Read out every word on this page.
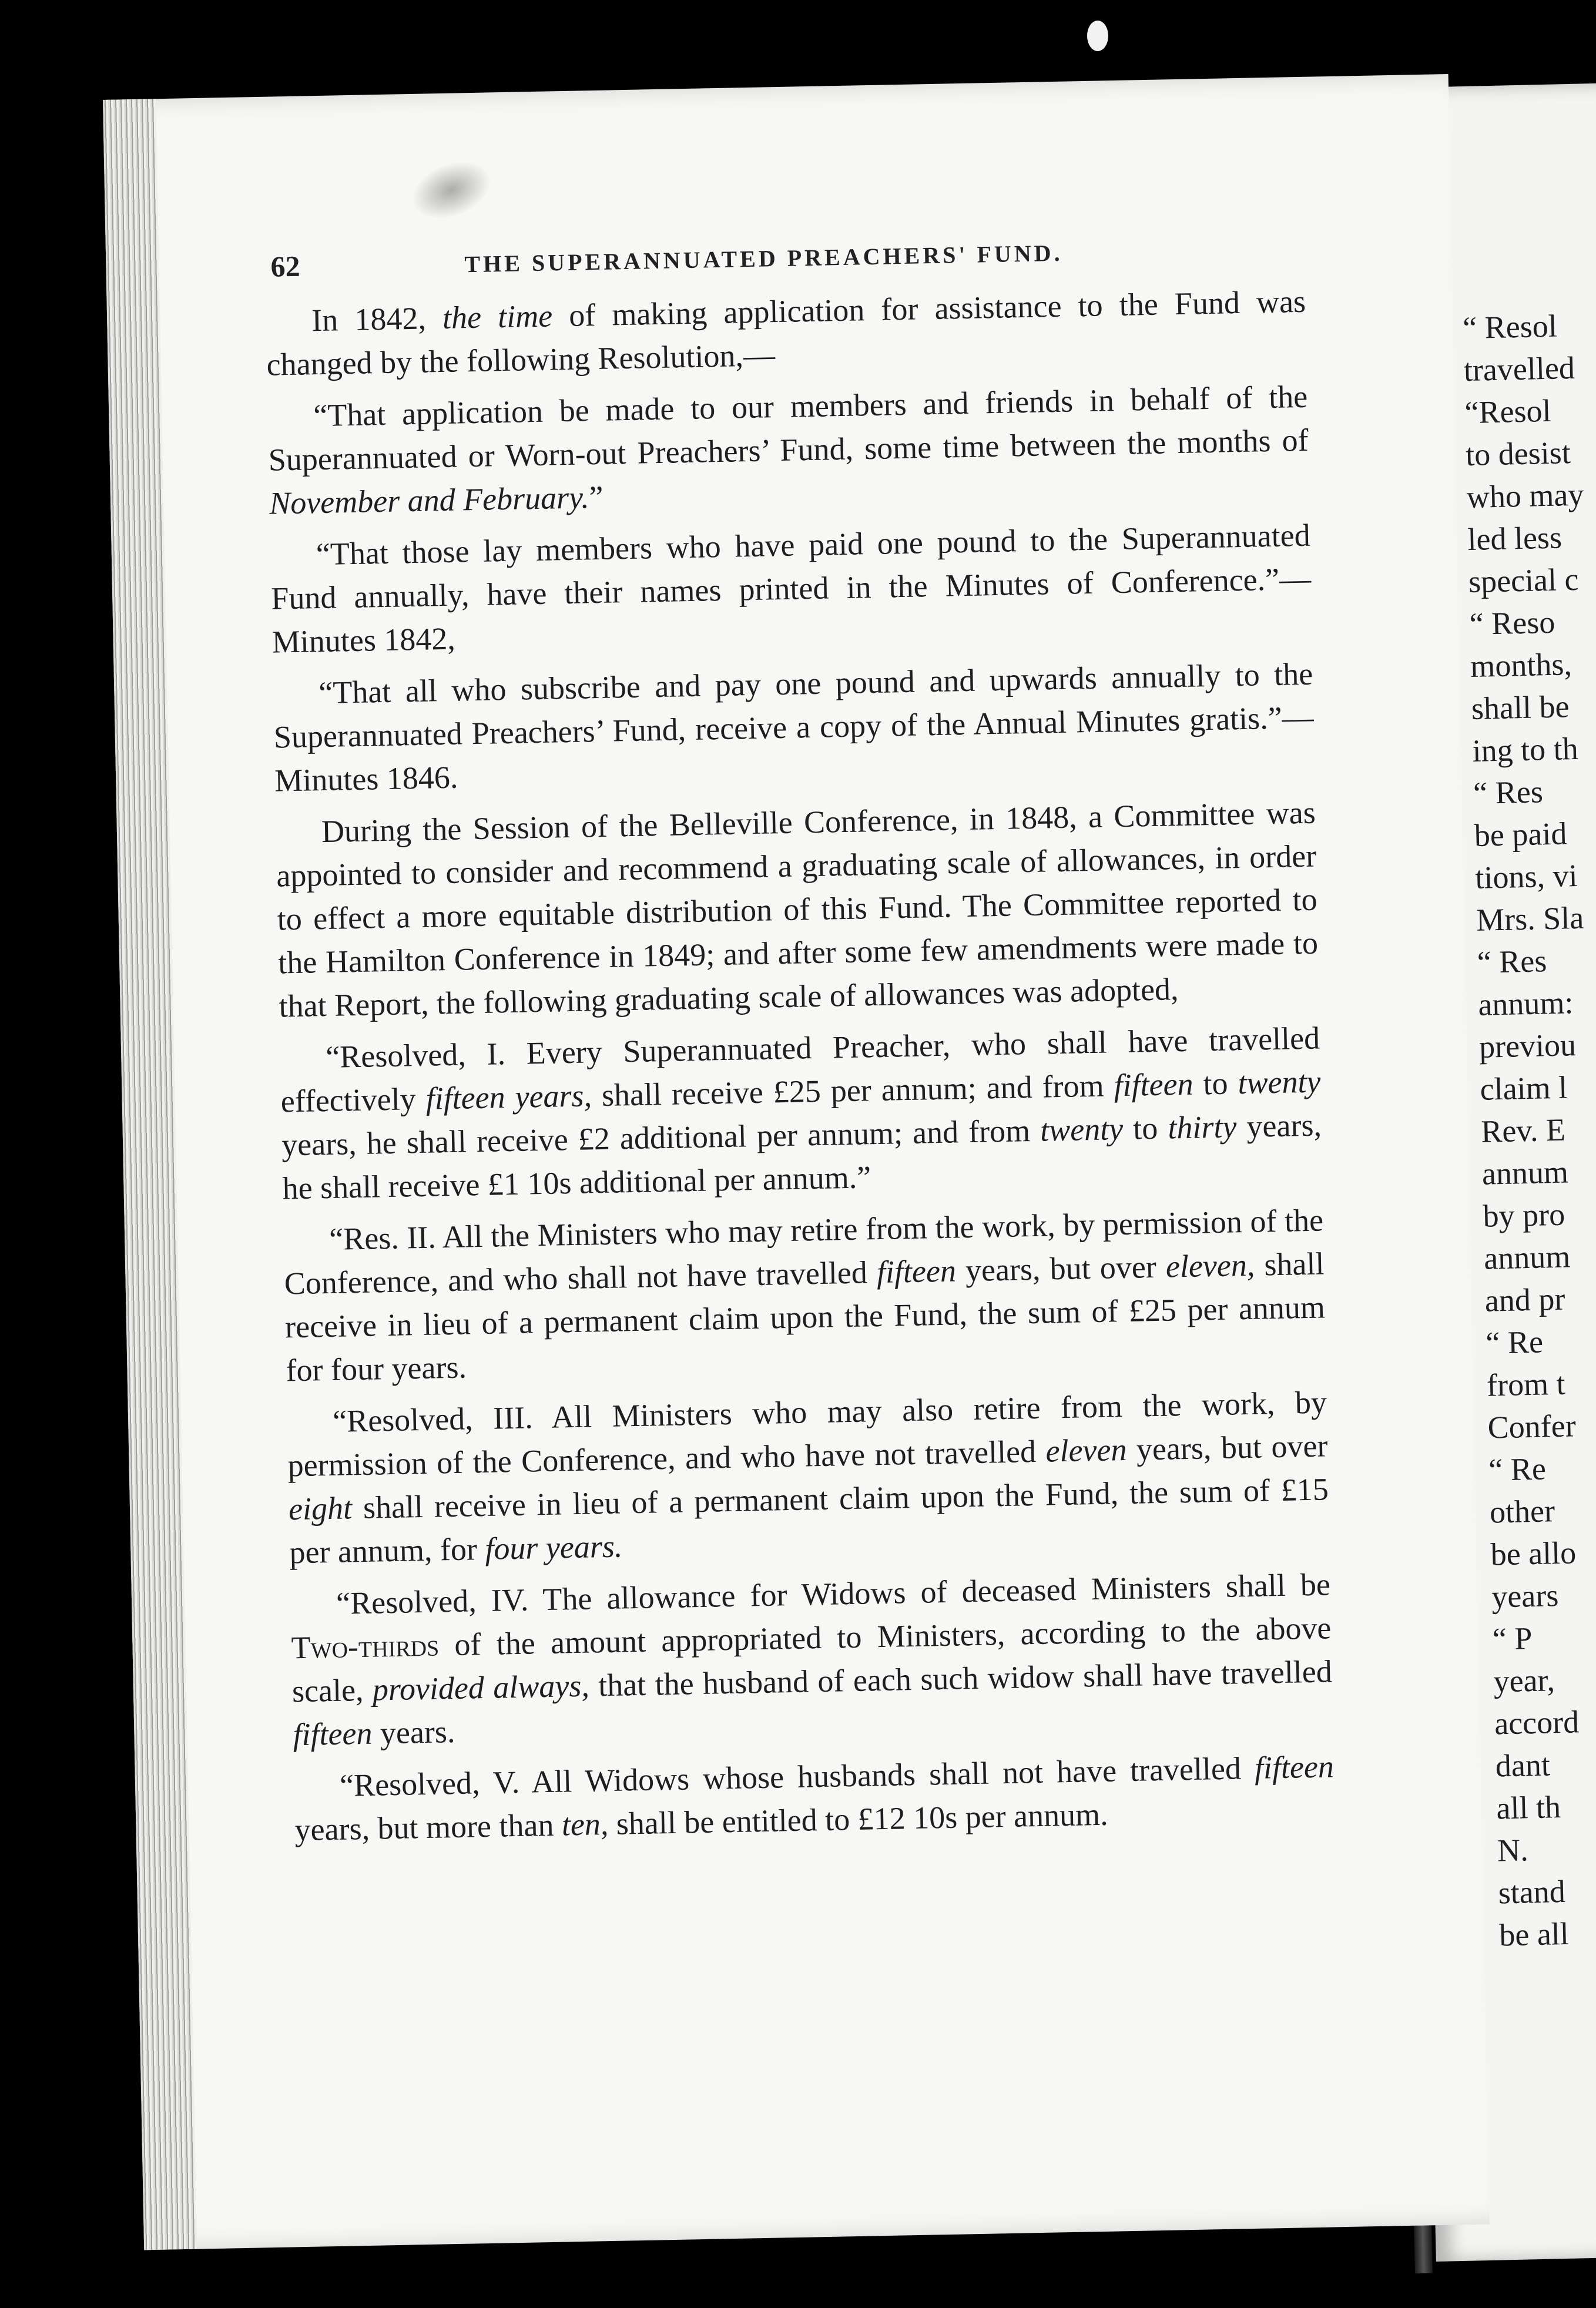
“ Resol
travelled
“Resol
to desist
who may
led less
special c
“ Reso
months,
shall be
ing to th
“ Res
be paid
tions, vi
Mrs. Sla
“ Res
annum:
previou
claim l
Rev. E
annum
by pro
annum
and pr
“ Re
from t
Confer
“ Re
other
be allo
years
“ P
year,
accord
dant
all th
N.
stand
be all
62	THE SUPERANNUATED PREACHERS' FUND.

In 1842, the time of making application for assistance to the Fund was changed by the following Resolution,—

“That application be made to our members and friends in behalf of the Superannuated or Worn-out Preachers’ Fund, some time between the months of November and February.”

“That those lay members who have paid one pound to the Superannuated Fund annually, have their names printed in the Minutes of Conference.”—Minutes 1842,

“That all who subscribe and pay one pound and upwards annually to the Superannuated Preachers’ Fund, receive a copy of the Annual Minutes gratis.”—Minutes 1846.

During the Session of the Belleville Conference, in 1848, a Committee was appointed to consider and recommend a graduating scale of allowances, in order to effect a more equitable distribution of this Fund. The Committee reported to the Hamilton Conference in 1849; and after some few amendments were made to that Report, the following graduating scale of allowances was adopted,

“Resolved, I. Every Superannuated Preacher, who shall have travelled effectively fifteen years, shall receive £25 per annum; and from fifteen to twenty years, he shall receive £2 additional per annum; and from twenty to thirty years, he shall receive £1 10s additional per annum.”

“Res. II. All the Ministers who may retire from the work, by permission of the Conference, and who shall not have travelled fifteen years, but over eleven, shall receive in lieu of a permanent claim upon the Fund, the sum of £25 per annum for four years.

“Resolved, III. All Ministers who may also retire from the work, by permission of the Conference, and who have not travelled eleven years, but over eight shall receive in lieu of a permanent claim upon the Fund, the sum of £15 per annum, for four years.

“Resolved, IV. The allowance for Widows of deceased Ministers shall be Two-thirds of the amount appropriated to Ministers, according to the above scale, provided always, that the husband of each such widow shall have travelled fifteen years.

“Resolved, V. All Widows whose husbands shall not have travelled fifteen years, but more than ten, shall be entitled to £12 10s per annum.
